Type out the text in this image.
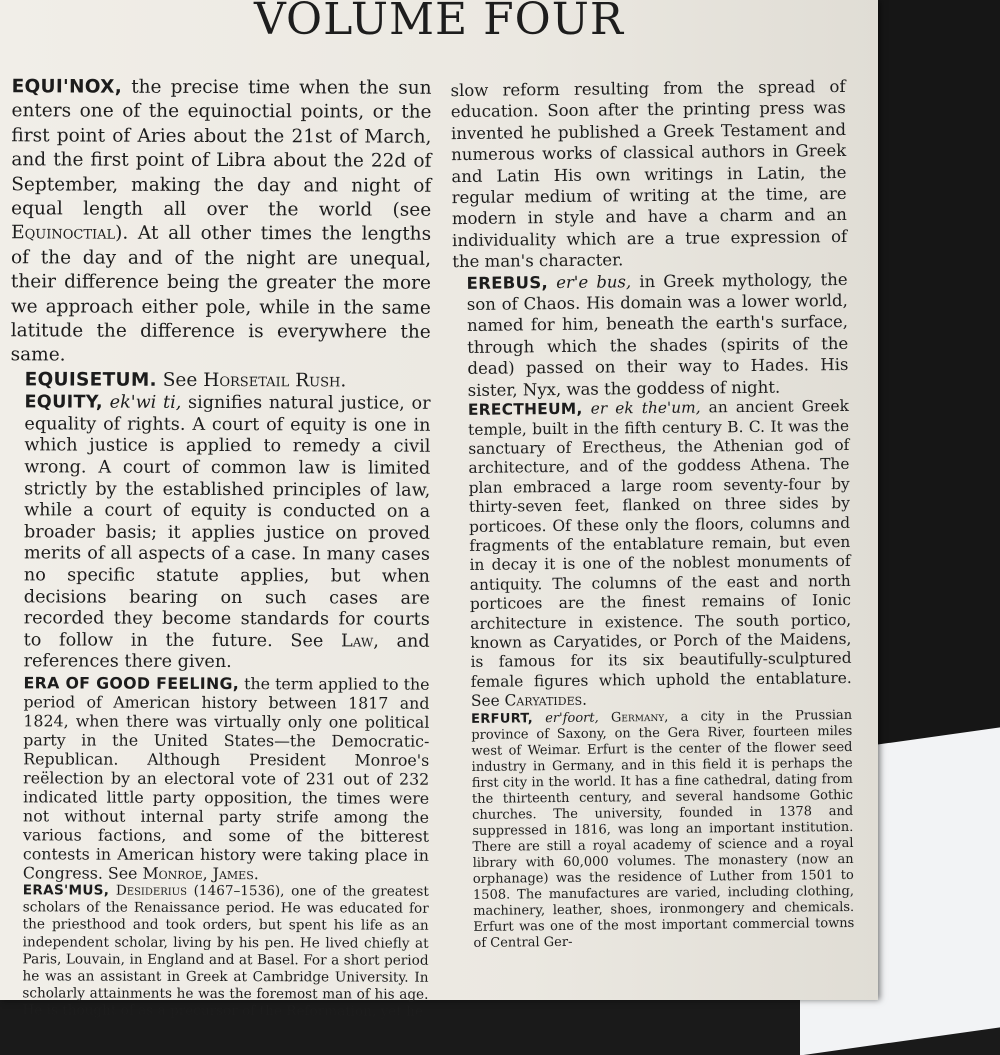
VOLUME FOUR

EQUI'NOX, the precise time when the sun enters one of the equinoctial points, or the first point of Aries about the 21st of March, and the first point of Libra about the 22d of September, making the day and night of equal length all over the world (see Equinoctial). At all other times the lengths of the day and of the night are unequal, their difference being the greater the more we approach either pole, while in the same latitude the difference is everywhere the same.

EQUISETUM. See Horsetail Rush.

EQUITY, ek'wi ti, signifies natural justice, or equality of rights. A court of equity is one in which justice is applied to remedy a civil wrong. A court of common law is limited strictly by the established principles of law, while a court of equity is conducted on a broader basis; it applies justice on proved merits of all aspects of a case. In many cases no specific statute applies, but when decisions bearing on such cases are recorded they become standards for courts to follow in the future. See Law, and references there given.

ERA OF GOOD FEELING, the term applied to the period of American history between 1817 and 1824, when there was virtually only one political party in the United States—the Democratic-Republican. Although President Monroe's reëlection by an electoral vote of 231 out of 232 indicated little party opposition, the times were not without internal party strife among the various factions, and some of the bitterest contests in American history were taking place in Congress. See Monroe, James.

ERAS'MUS, Desiderius (1467–1536), one of the greatest scholars of the Renaissance period. He was educated for the priesthood and took orders, but spent his life as an independent scholar, living by his pen. He lived chiefly at Paris, Louvain, in England and at Basel. For a short period he was an assistant in Greek at Cambridge University. In scholarly attainments he was the foremost man of his age. He is thought of as a precursor of the Reformation, yet he

slow reform resulting from the spread of education. Soon after the printing press was invented he published a Greek Testament and numerous works of classical authors in Greek and Latin His own writings in Latin, the regular medium of writing at the time, are modern in style and have a charm and an individuality which are a true expression of the man's character.

EREBUS, er'e bus, in Greek mythology, the son of Chaos. His domain was a lower world, named for him, beneath the earth's surface, through which the shades (spirits of the dead) passed on their way to Hades. His sister, Nyx, was the goddess of night.

ERECTHEUM, er ek the'um, an ancient Greek temple, built in the fifth century B. C. It was the sanctuary of Erectheus, the Athenian god of architecture, and of the goddess Athena. The plan embraced a large room seventy-four by thirty-seven feet, flanked on three sides by porticoes. Of these only the floors, columns and fragments of the entablature remain, but even in decay it is one of the noblest monuments of antiquity. The columns of the east and north porticoes are the finest remains of Ionic architecture in existence. The south portico, known as Caryatides, or Porch of the Maidens, is famous for its six beautifully-sculptured female figures which uphold the entablature. See Caryatides.

ERFURT, er'foort, Germany, a city in the Prussian province of Saxony, on the Gera River, fourteen miles west of Weimar. Erfurt is the center of the flower seed industry in Germany, and in this field it is perhaps the first city in the world. It has a fine cathedral, dating from the thirteenth century, and several handsome Gothic churches. The university, founded in 1378 and suppressed in 1816, was long an important institution. There are still a royal academy of science and a royal library with 60,000 volumes. The monastery (now an orphanage) was the residence of Luther from 1501 to 1508. The manufactures are varied, including clothing, machinery, leather, shoes, ironmongery and chemicals. Erfurt was one of the most important commercial towns of Central Ger-
